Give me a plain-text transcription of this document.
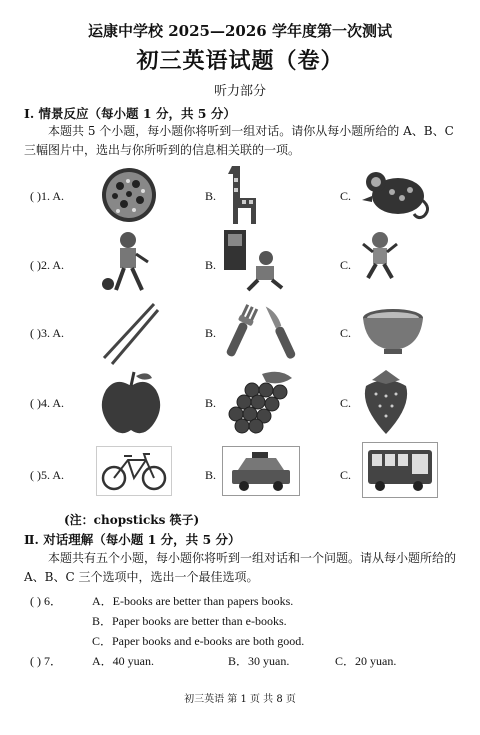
运康中学校 2025—2026 学年度第一次测试
初三英语试题（卷）
听力部分
I. 情景反应（每小题 1 分，共 5 分）
本题共 5 个小题，每小题你将听到一组对话。请你从每小题所给的 A、B、C 三幅图片中，选出与你所听到的信息相关联的一项。
( )1. A.	B.	C.
( )2. A.	B.	C.
( )3. A.	B.	C.
( )4. A.	B.	C.
( )5. A.	B.	C.
(注：chopsticks 筷子)
Ⅱ. 对话理解（每小题 1 分，共 5 分）
本题共有五个小题，每小题你将听到一组对话和一个问题。请从每小题所给的 A、B、C 三个选项中，选出一个最佳选项。
( ) 6．	A．E-books are better than papers books.
B．Paper books are better than e-books.
C．Paper books and e-books are both good.
( ) 7．	A．40 yuan.	B．30 yuan.	C．20 yuan.
初三英语 第 1 页 共 8 页
